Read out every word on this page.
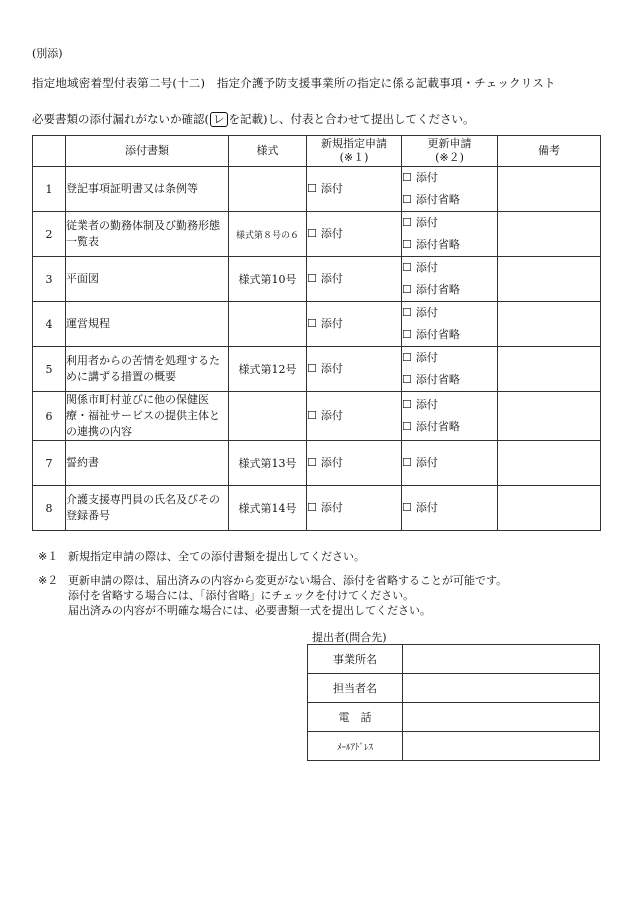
(別添)
指定地域密着型付表第二号(十二)　指定介護予防支援事業所の指定に係る記載事項・チェックリスト
必要書類の添付漏れがないか確認( レ を記載)し、付表と合わせて提出してください。
	添付書類	様式	新規指定申請
(※１)	更新申請
(※２)	備考
1	登記事項証明書又は条例等		☐ 添付	☐ 添付
☐ 添付省略	

2	従業者の勤務体制及び勤務形態一覧表	様式第８号の６	☐ 添付	☐ 添付
☐ 添付省略	

3	平面図	様式第10号	☐ 添付	☐ 添付
☐ 添付省略	

4	運営規程		☐ 添付	☐ 添付
☐ 添付省略	

5	利用者からの苦情を処理するために講ずる措置の概要	様式第12号	☐ 添付	☐ 添付
☐ 添付省略	

6	関係市町村並びに他の保健医療・福祉サービスの提供主体との連携の内容		☐ 添付	☐ 添付
☐ 添付省略	

7	誓約書	様式第13号	☐ 添付	☐ 添付	

8	介護支援専門員の氏名及びその登録番号	様式第14号	☐ 添付	☐ 添付	

※１ 新規指定申請の際は、全ての添付書類を提出してください。
※２ 更新申請の際は、届出済みの内容から変更がない場合、添付を省略することが可能です。
添付を省略する場合には、「添付省略」にチェックを付けてください。
届出済みの内容が不明確な場合には、必要書類一式を提出してください。
提出者(問合先)
事業所名	
担当者名	
電　話	
ﾒｰﾙｱﾄﾞﾚｽ	
